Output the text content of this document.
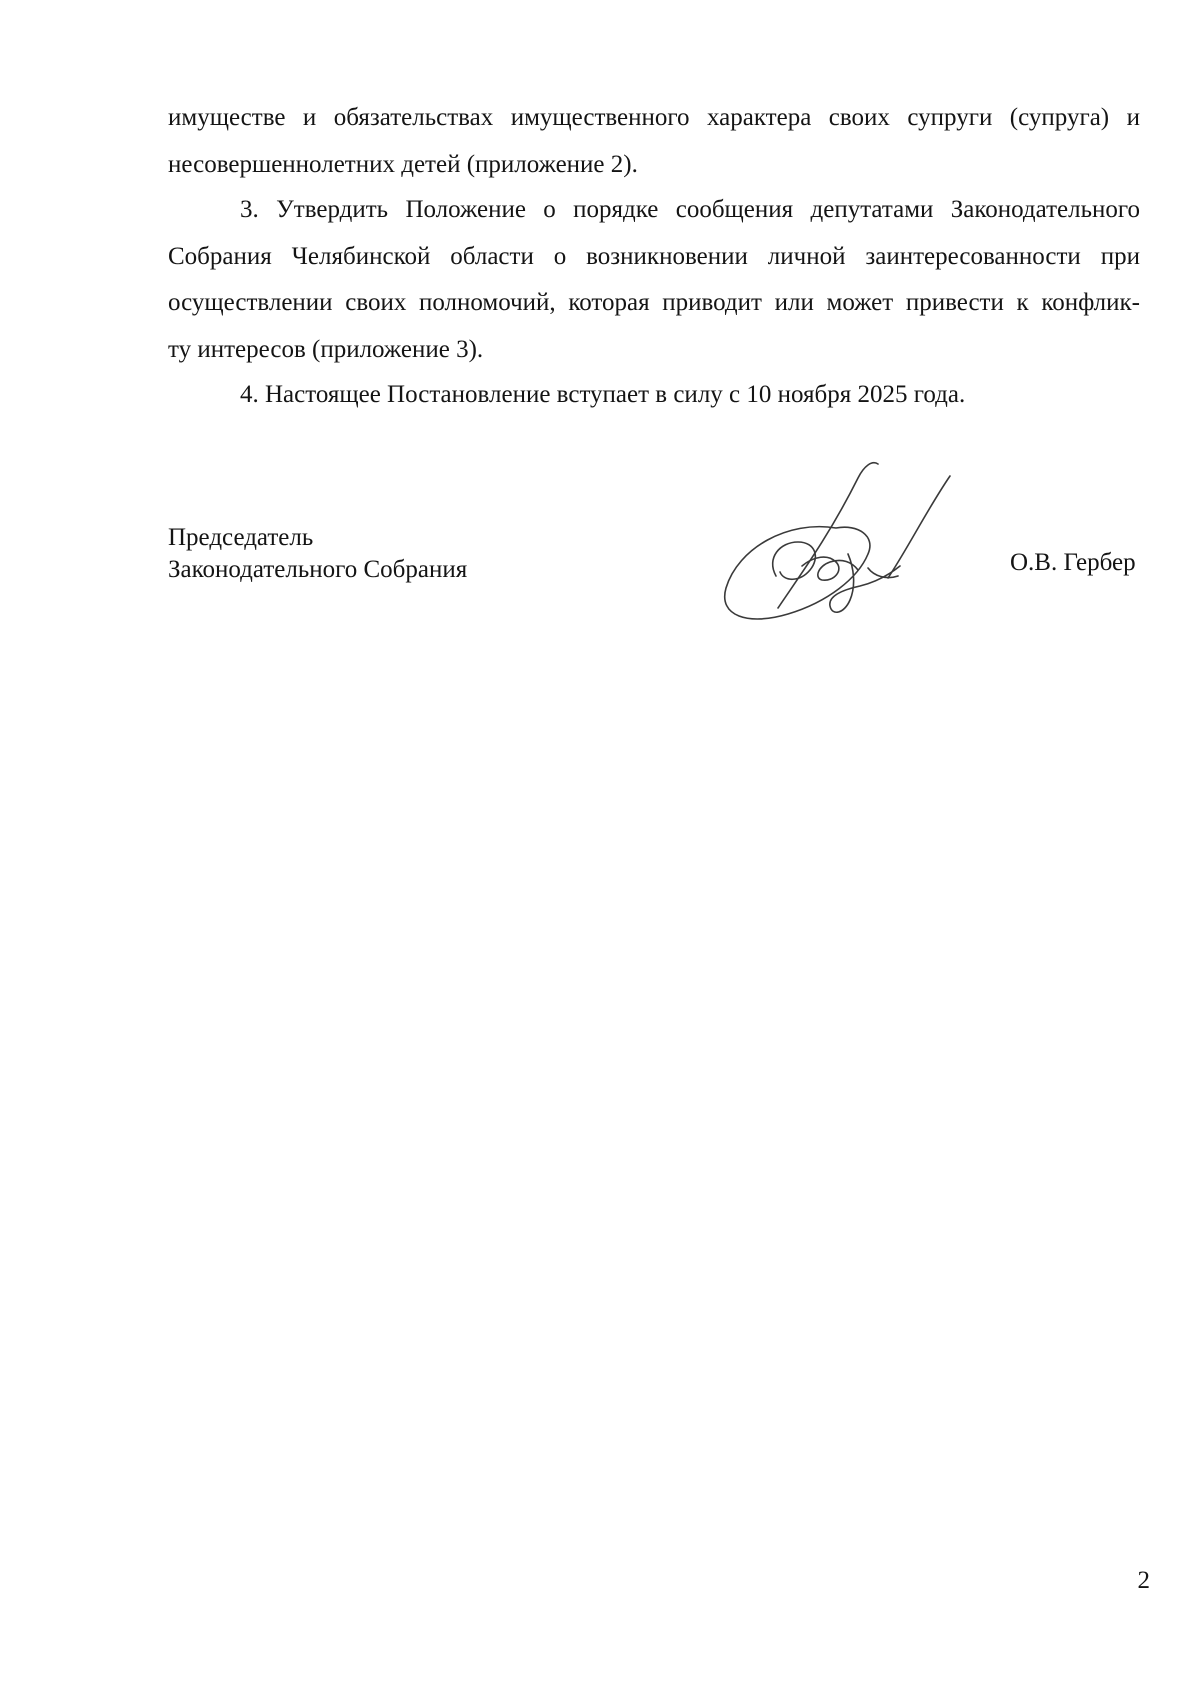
имуществе и обязательствах имущественного характера своих супруги (супруга) и
несовершеннолетних детей (приложение 2).
3. Утвердить Положение о порядке сообщения депутатами Законодательного
Собрания Челябинской области о возникновении личной заинтересованности при
осуществлении своих полномочий, которая приводит или может привести к конфлик-
ту интересов (приложение 3).
4. Настоящее Постановление вступает в силу с 10 ноября 2025 года.
Председатель
Законодательного Собрания	О.В. Гербер
2
